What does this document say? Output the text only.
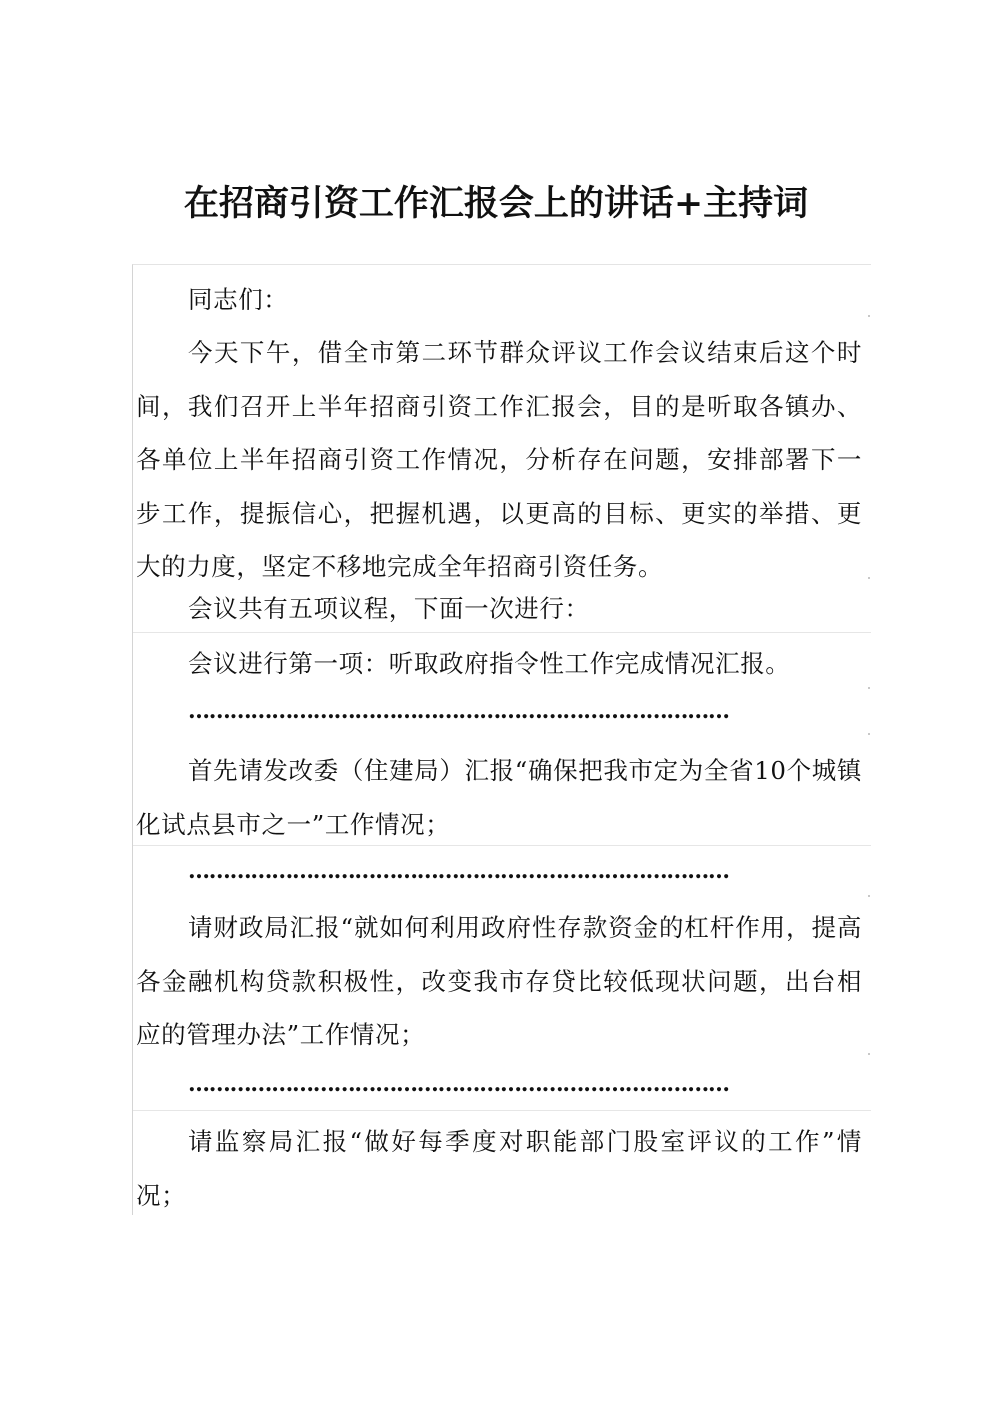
在招商引资工作汇报会上的讲话+主持词

同志们：

今天下午，借全市第二环节群众评议工作会议结束后这个时间，我们召开上半年招商引资工作汇报会，目的是听取各镇办、各单位上半年招商引资工作情况，分析存在问题，安排部署下一步工作，提振信心，把握机遇，以更高的目标、更实的举措、更大的力度，坚定不移地完成全年招商引资任务。

会议共有五项议程，下面一次进行：

会议进行第一项：听取政府指令性工作完成情况汇报。

……………………………………………………………………

首先请发改委（住建局）汇报“确保把我市定为全省10个城镇化试点县市之一”工作情况；

……………………………………………………………………

请财政局汇报“就如何利用政府性存款资金的杠杆作用，提高各金融机构贷款积极性，改变我市存贷比较低现状问题，出台相应的管理办法”工作情况；

……………………………………………………………………

请监察局汇报“做好每季度对职能部门股室评议的工作”情况；
